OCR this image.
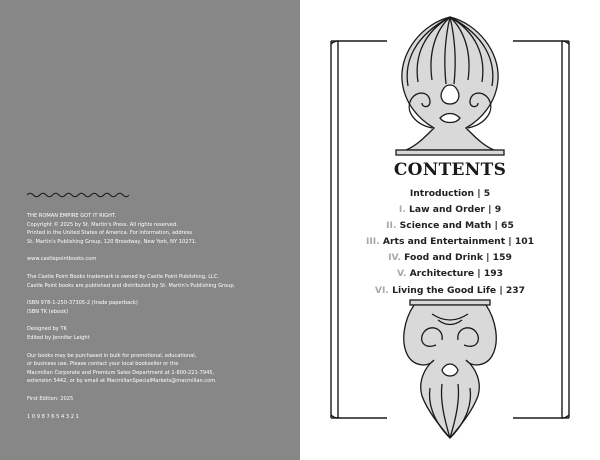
THE ROMAN EMPIRE GOT IT RIGHT.
Copyright © 2025 by St. Martin's Press. All rights reserved.
Printed in the United States of America. For information, address
St. Martin's Publishing Group, 120 Broadway, New York, NY 10271.

www.castlepointbooks.com

The Castle Point Books trademark is owned by Castle Point Publishing, LLC.
Castle Point books are published and distributed by St. Martin's Publishing Group.

ISBN 978-1-250-37305-2 (trade paperback)
ISBN TK (ebook)

Designed by TK
Edited by Jennifer Leight

Our books may be purchased in bulk for promotional, educational,
or business use. Please contact your local bookseller or the
Macmillan Corporate and Premium Sales Department at 1-800-221-7945,
extension 5442, or by email at MacmillanSpecialMarkets@macmillan.com.

First Edition: 2025

1 0 9 8 7 6 5 4 3 2 1

CONTENTS
Introduction | 5
I. Law and Order | 9
II. Science and Math | 65
III. Arts and Entertainment | 101
IV. Food and Drink | 159
V. Architecture | 193
VI. Living the Good Life | 237
